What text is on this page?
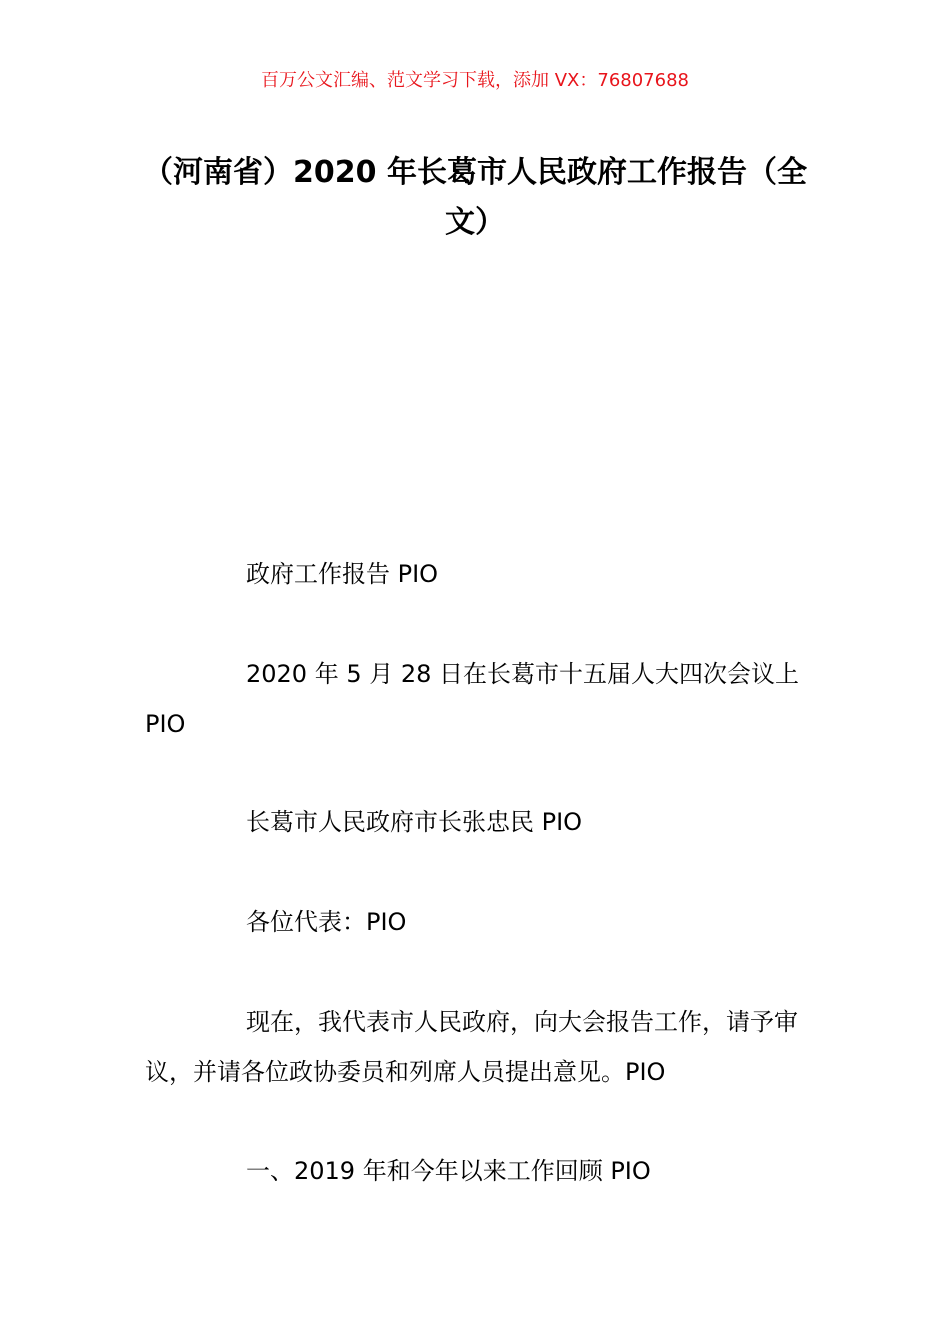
百万公文汇编、范文学习下载，添加 VX：76807688
（河南省）2020 年长葛市人民政府工作报告（全文）
政府工作报告 PIO
2020 年 5 月 28 日在长葛市十五届人大四次会议上 PIO
长葛市人民政府市长张忠民 PIO
各位代表：PIO
现在，我代表市人民政府，向大会报告工作，请予审议，并请各位政协委员和列席人员提出意见。PIO
一、2019 年和今年以来工作回顾 PIO
